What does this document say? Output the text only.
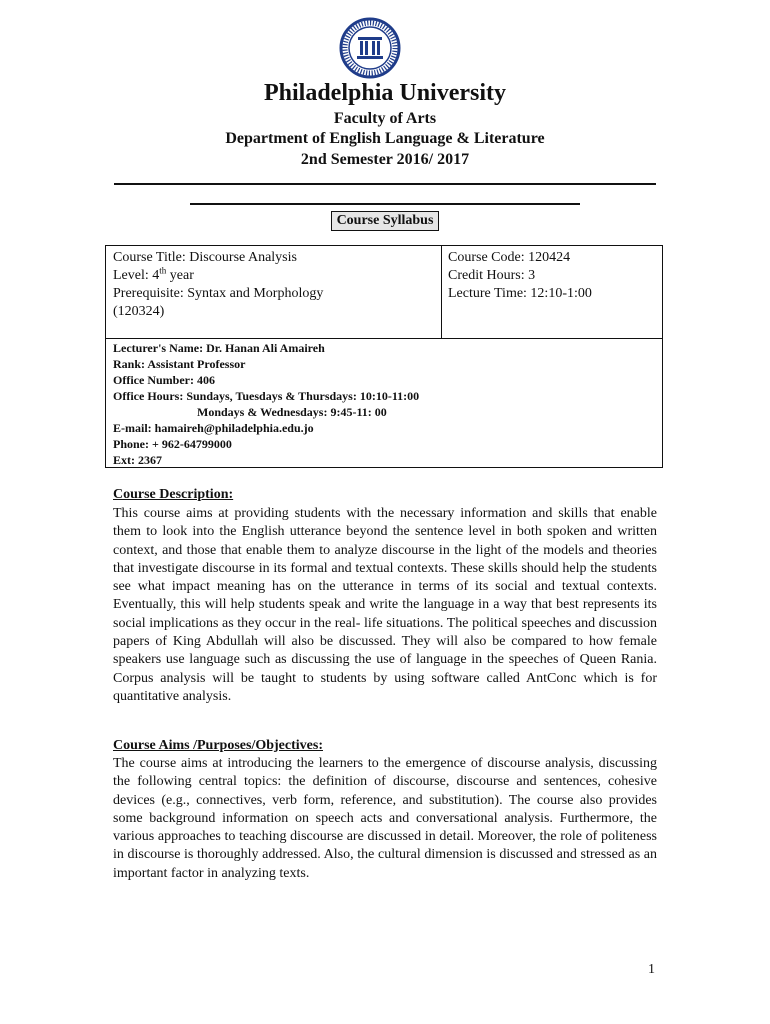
Philadelphia University
Faculty of Arts
Department of English Language & Literature
2nd Semester 2016/ 2017
Course Syllabus
Course Title: Discourse Analysis
Level: 4th year
Prerequisite: Syntax and Morphology
(120324)
Course Code: 120424
Credit Hours: 3
Lecture Time: 12:10-1:00
Lecturer's Name: Dr. Hanan Ali Amaireh
Rank: Assistant Professor
Office Number: 406
Office Hours: Sundays, Tuesdays & Thursdays: 10:10-11:00
Mondays & Wednesdays: 9:45-11: 00
E-mail: hamaireh@philadelphia.edu.jo
Phone: + 962-64799000
Ext: 2367
Course Description:
This course aims at providing students with the necessary information and skills that enable them to look into the English utterance beyond the sentence level in both spoken and written context, and those that enable them to analyze discourse in the light of the models and theories that investigate discourse in its formal and textual contexts. These skills should help the students see what impact meaning has on the utterance in terms of its social and textual contexts. Eventually, this will help students speak and write the language in a way that best represents its social implications as they occur in the real- life situations. The political speeches and discussion papers of King Abdullah will also be discussed. They will also be compared to how female speakers use language such as discussing the use of language in the speeches of Queen Rania. Corpus analysis will be taught to students by using software called AntConc which is for quantitative analysis.
Course Aims /Purposes/Objectives:
The course aims at introducing the learners to the emergence of discourse analysis, discussing the following central topics: the definition of discourse, discourse and sentences, cohesive devices (e.g., connectives, verb form, reference, and substitution). The course also provides some background information on speech acts and conversational analysis. Furthermore, the various approaches to teaching discourse are discussed in detail. Moreover, the role of politeness in discourse is thoroughly addressed. Also, the cultural dimension is discussed and stressed as an important factor in analyzing texts.
1
